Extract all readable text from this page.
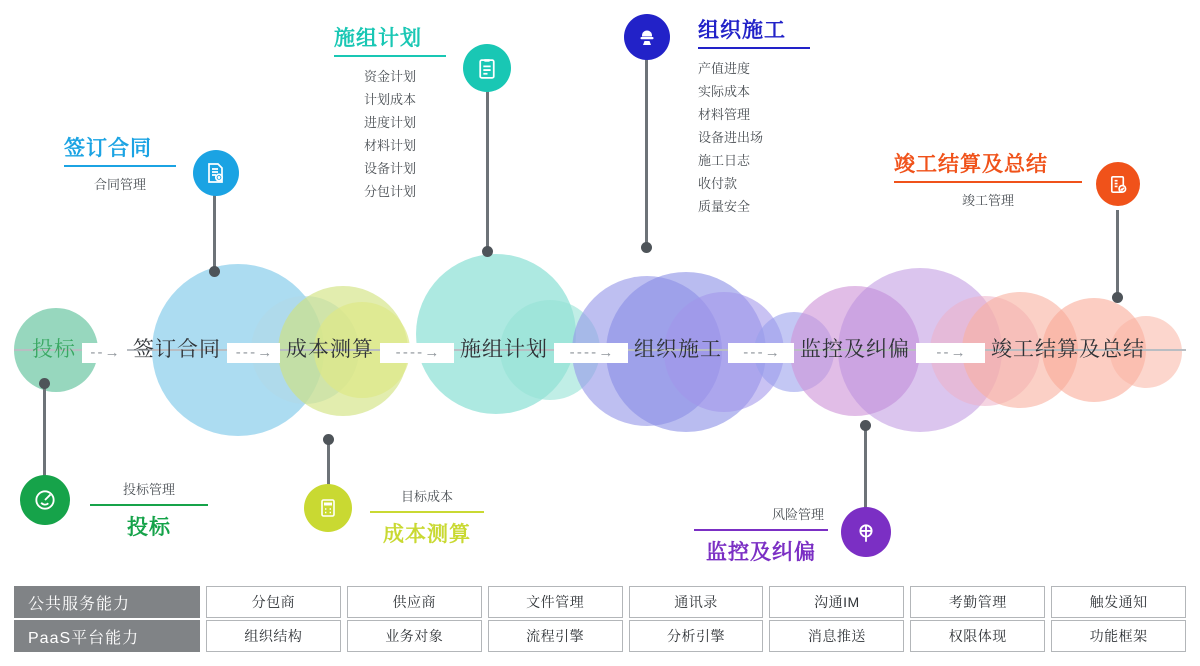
投标	签订合同	成本测算	施组计划	组织施工	监控及纠偏	竣工结算及总结
- - →	- - - →	- - - - →	- - - - →	- - - →	- - →
签订合同
合同管理
施组计划
资金计划
计划成本
进度计划
材料计划
设备计划
分包计划
组织施工
产值进度
实际成本
材料管理
设备进出场
施工日志
收付款
质量安全
竣工结算及总结
竣工管理
投标管理
投标
目标成本
成本测算
风险管理
监控及纠偏
公共服务能力	分包商	供应商	文件管理	通讯录	沟通IM	考勤管理	触发通知
PaaS平台能力	组织结构	业务对象	流程引擎	分析引擎	消息推送	权限体现	功能框架
